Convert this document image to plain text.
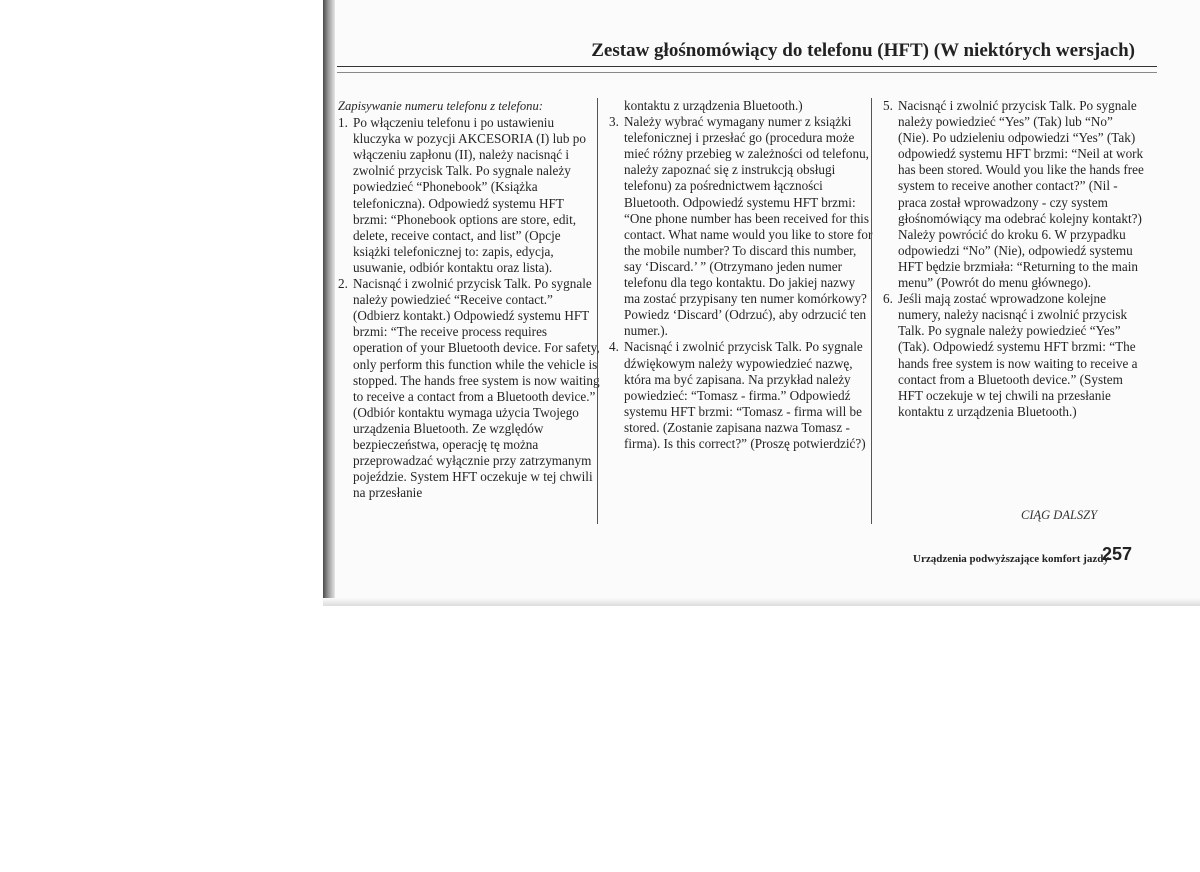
Zestaw głośnomówiący do telefonu (HFT) (W niektórych wersjach)

Zapisywanie numeru telefonu z telefonu:

1. Po włączeniu telefonu i po ustawieniu kluczyka w pozycji AKCESORIA (I) lub po włączeniu zapłonu (II), należy nacisnąć i zwolnić przycisk Talk. Po sygnale należy powiedzieć “Phonebook” (Książka telefoniczna). Odpowiedź systemu HFT brzmi: “Phonebook options are store, edit, delete, receive contact, and list” (Opcje książki telefonicznej to: zapis, edycja, usuwanie, odbiór kontaktu oraz lista).
2. Nacisnąć i zwolnić przycisk Talk. Po sygnale należy powiedzieć “Receive contact.” (Odbierz kontakt.) Odpowiedź systemu HFT brzmi: “The receive process requires operation of your Bluetooth device. For safety, only perform this function while the vehicle is stopped. The hands free system is now waiting to receive a contact from a Bluetooth device.” (Odbiór kontaktu wymaga użycia Twojego urządzenia Bluetooth. Ze względów bezpieczeństwa, operację tę można przeprowadzać wyłącznie przy zatrzymanym pojeździe. System HFT oczekuje w tej chwili na przesłanie

kontaktu z urządzenia Bluetooth.)

3. Należy wybrać wymagany numer z książki telefonicznej i przesłać go (procedura może mieć różny przebieg w zależności od telefonu, należy zapoznać się z instrukcją obsługi telefonu) za pośrednictwem łączności Bluetooth. Odpowiedź systemu HFT brzmi: “One phone number has been received for this contact. What name would you like to store for the mobile number? To discard this number, say ‘Discard.’ ” (Otrzymano jeden numer telefonu dla tego kontaktu. Do jakiej nazwy ma zostać przypisany ten numer komórkowy? Powiedz ‘Discard’ (Odrzuć), aby odrzucić ten numer.).
4. Nacisnąć i zwolnić przycisk Talk. Po sygnale dźwiękowym należy wypowiedzieć nazwę, która ma być zapisana. Na przykład należy powiedzieć: “Tomasz - firma.” Odpowiedź systemu HFT brzmi: “Tomasz - firma will be stored. (Zostanie zapisana nazwa Tomasz - firma). Is this correct?” (Proszę potwierdzić?)
5. Nacisnąć i zwolnić przycisk Talk. Po sygnale należy powiedzieć “Yes” (Tak) lub “No” (Nie). Po udzieleniu odpowiedzi “Yes” (Tak) odpowiedź systemu HFT brzmi: “Neil at work has been stored. Would you like the hands free system to receive another contact?” (Nil - praca został wprowadzony - czy system głośnomówiący ma odebrać kolejny kontakt?) Należy powrócić do kroku 6. W przypadku odpowiedzi “No” (Nie), odpowiedź systemu HFT będzie brzmiała: “Returning to the main menu” (Powrót do menu głównego).
6. Jeśli mają zostać wprowadzone kolejne numery, należy nacisnąć i zwolnić przycisk Talk. Po sygnale należy powiedzieć “Yes” (Tak). Odpowiedź systemu HFT brzmi: “The hands free system is now waiting to receive a contact from a Bluetooth device.” (System HFT oczekuje w tej chwili na przesłanie kontaktu z urządzenia Bluetooth.)
CIĄG DALSZY
Urządzenia podwyższające komfort jazdy
257
